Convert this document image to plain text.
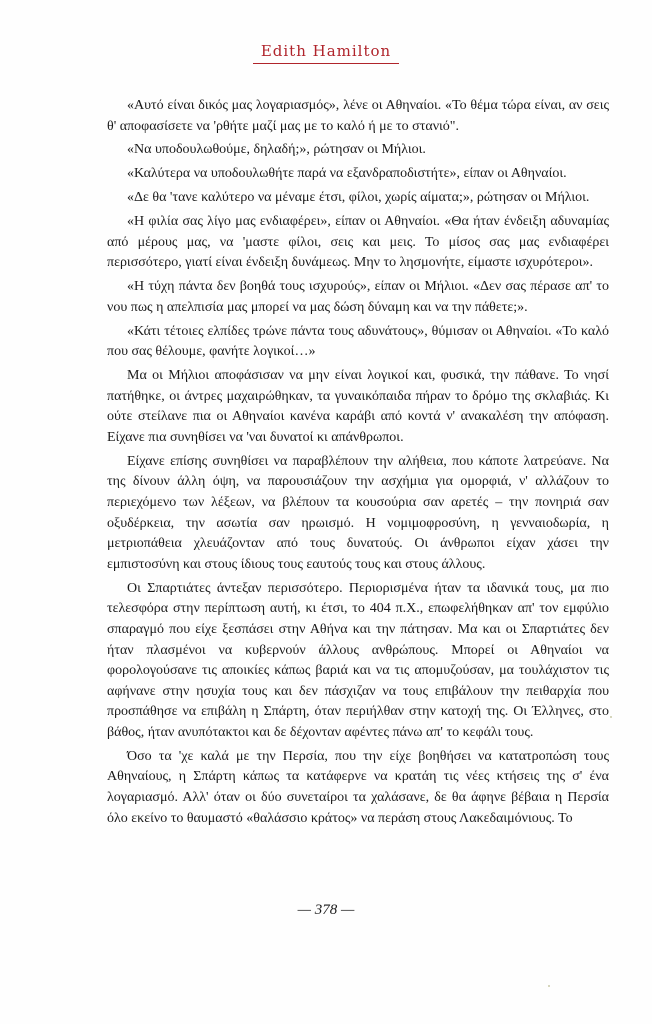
Edith Hamilton

«Αυτό είναι δικός μας λογαριασμός», λένε οι Αθηναίοι. «Το θέμα τώρα είναι, αν σεις θ' αποφασίσετε να 'ρθήτε μαζί μας με το καλό ή με το στανιό".

«Να υποδουλωθούμε, δηλαδή;», ρώτησαν οι Μήλιοι.

«Καλύτερα να υποδουλωθήτε παρά να εξανδραποδιστήτε», είπαν οι Αθηναίοι.

«Δε θα 'τανε καλύτερο να μέναμε έτσι, φίλοι, χωρίς αίματα;», ρώτησαν οι Μήλιοι.

«Η φιλία σας λίγο μας ενδιαφέρει», είπαν οι Αθηναίοι. «Θα ήταν ένδειξη αδυναμίας από μέρους μας, να 'μαστε φίλοι, σεις και μεις. Το μίσος σας μας ενδιαφέρει περισσότερο, γιατί είναι ένδειξη δυνάμεως. Μην το λησμονήτε, είμαστε ισχυρότεροι».

«Η τύχη πάντα δεν βοηθά τους ισχυρούς», είπαν οι Μήλιοι. «Δεν σας πέρασε απ' το νου πως η απελπισία μας μπορεί να μας δώση δύναμη και να την πάθετε;».

«Κάτι τέτοιες ελπίδες τρώνε πάντα τους αδυνάτους», θύμισαν οι Αθηναίοι. «Το καλό που σας θέλουμε, φανήτε λογικοί…»

Μα οι Μήλιοι αποφάσισαν να μην είναι λογικοί και, φυσικά, την πάθανε. Το νησί πατήθηκε, οι άντρες μαχαιρώθηκαν, τα γυναικόπαιδα πήραν το δρόμο της σκλαβιάς. Κι ούτε στείλανε πια οι Αθηναίοι κανένα καράβι από κοντά ν' ανακαλέση την απόφαση. Είχανε πια συνηθίσει να 'ναι δυνατοί κι απάνθρωποι.

Είχανε επίσης συνηθίσει να παραβλέπουν την αλήθεια, που κάποτε λατρεύανε. Να της δίνουν άλλη όψη, να παρουσιάζουν την ασχήμια για ομορφιά, ν' αλλάζουν το περιεχόμενο των λέξεων, να βλέπουν τα κουσούρια σαν αρετές – την πονηριά σαν οξυδέρκεια, την ασωτία σαν ηρωισμό. Η νομιμοφροσύνη, η γενναιοδωρία, η μετριοπάθεια χλευάζονταν από τους δυνατούς. Οι άνθρωποι είχαν χάσει την εμπιστοσύνη και στους ίδιους τους εαυτούς τους και στους άλλους.

Οι Σπαρτιάτες άντεξαν περισσότερο. Περιορισμένα ήταν τα ιδανικά τους, μα πιο τελεσφόρα στην περίπτωση αυτή, κι έτσι, το 404 π.Χ., επωφελήθηκαν απ' τον εμφύλιο σπαραγμό που είχε ξεσπάσει στην Αθήνα και την πάτησαν. Μα και οι Σπαρτιάτες δεν ήταν πλασμένοι να κυβερνούν άλλους ανθρώπους. Μπορεί οι Αθηναίοι να φορολογούσανε τις αποικίες κάπως βαριά και να τις απομυζούσαν, μα τουλάχιστον τις αφήνανε στην ησυχία τους και δεν πάσχιζαν να τους επιβάλουν την πειθαρχία που προσπάθησε να επιβάλη η Σπάρτη, όταν περιήλθαν στην κατοχή της. Οι Έλληνες, στο βάθος, ήταν ανυπότακτοι και δε δέχονταν αφέντες πάνω απ' το κεφάλι τους.

Όσο τα 'χε καλά με την Περσία, που την είχε βοηθήσει να κατατροπώση τους Αθηναίους, η Σπάρτη κάπως τα κατάφερνε να κρατάη τις νέες κτήσεις της σ' ένα λογαριασμό. Αλλ' όταν οι δύο συνεταίροι τα χαλάσανε, δε θα άφηνε βέβαια η Περσία όλο εκείνο το θαυμαστό «θαλάσσιο κράτος» να περάση στους Λακεδαιμόνιους. Το

— 378 —
